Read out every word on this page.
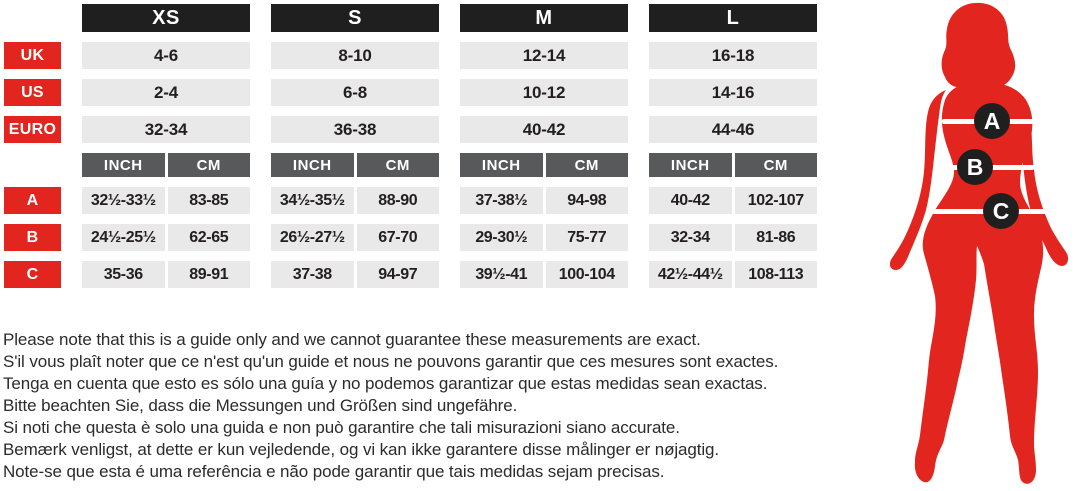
XS	S	M	L
UK	4-6	8-10	12-14	16-18
US	2-4	6-8	10-12	14-16
EURO	32-34	36-38	40-42	44-46
INCH	CM	INCH	CM	INCH	CM	INCH	CM
A	32½-33½	83-85	34½-35½	88-90	37-38½	94-98	40-42	102-107
B	24½-25½	62-65	26½-27½	67-70	29-30½	75-77	32-34	81-86
C	35-36	89-91	37-38	94-97	39½-41	100-104	42½-44½	108-113

Please note that this is a guide only and we cannot guarantee these measurements are exact.

S'il vous plaît noter que ce n'est qu'un guide et nous ne pouvons garantir que ces mesures sont exactes.

Tenga en cuenta que esto es sólo una guía y no podemos garantizar que estas medidas sean exactas.

Bitte beachten Sie, dass die Messungen und Größen sind ungefähre.

Si noti che questa è solo una guida e non può garantire che tali misurazioni siano accurate.

Bemærk venligst, at dette er kun vejledende, og vi kan ikke garantere disse målinger er nøjagtig.

Note-se que esta é uma referência e não pode garantir que tais medidas sejam precisas.

A
B
C
